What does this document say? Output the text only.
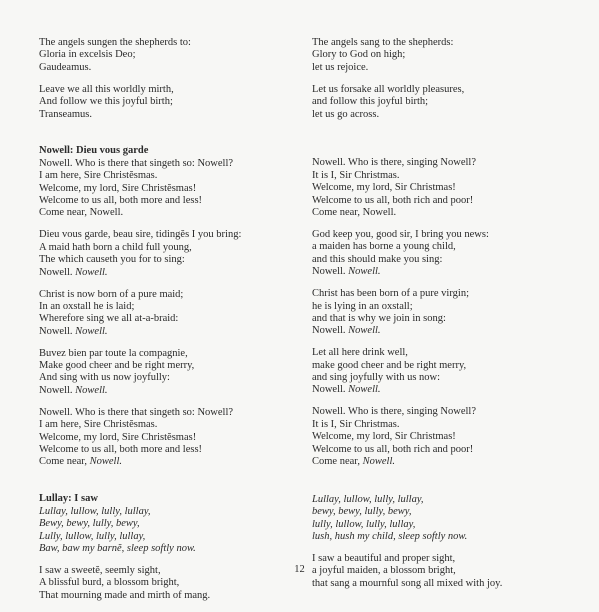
The angels sungen the shepherds to:
Gloria in excelsis Deo;
Gaudeamus.
Leave we all this worldly mirth,
And follow we this joyful birth;
Transeamus.
Nowell: Dieu vous garde
Nowell. Who is there that singeth so: Nowell?
I am here, Sire Christĕsmas.
Welcome, my lord, Sire Christĕsmas!
Welcome to us all, both more and less!
Come near, Nowell.
Dieu vous garde, beau sire, tidingĕs I you bring:
A maid hath born a child full young,
The which causeth you for to sing:
Nowell. Nowell.
Christ is now born of a pure maid;
In an oxstall he is laid;
Wherefore sing we all at-a-braid:
Nowell. Nowell.
Buvez bien par toute la compagnie,
Make good cheer and be right merry,
And sing with us now joyfully:
Nowell. Nowell.
Nowell. Who is there that singeth so: Nowell?
I am here, Sire Christĕsmas.
Welcome, my lord, Sire Christĕsmas!
Welcome to us all, both more and less!
Come near, Nowell.
Lullay: I saw
Lullay, lullow, lully, lullay,
Bewy, bewy, lully, bewy,
Lully, lullow, lully, lullay,
Baw, baw my barnĕ, sleep softly now.
I saw a sweetĕ, seemly sight,
A blissful burd, a blossom bright,
That mourning made and mirth of mang.
The angels sang to the shepherds:
Glory to God on high;
let us rejoice.
Let us forsake all worldly pleasures,
and follow this joyful birth;
let us go across.
Nowell. Who is there, singing Nowell?
It is I, Sir Christmas.
Welcome, my lord, Sir Christmas!
Welcome to us all, both rich and poor!
Come near, Nowell.
God keep you, good sir, I bring you news:
a maiden has borne a young child,
and this should make you sing:
Nowell. Nowell.
Christ has been born of a pure virgin;
he is lying in an oxstall;
and that is why we join in song:
Nowell. Nowell.
Let all here drink well,
make good cheer and be right merry,
and sing joyfully with us now:
Nowell. Nowell.
Nowell. Who is there, singing Nowell?
It is I, Sir Christmas.
Welcome, my lord, Sir Christmas!
Welcome to us all, both rich and poor!
Come near, Nowell.
Lullay, lullow, lully, lullay,
bewy, bewy, lully, bewy,
lully, lullow, lully, lullay,
lush, hush my child, sleep softly now.
I saw a beautiful and proper sight,
a joyful maiden, a blossom bright,
that sang a mournful song all mixed with joy.
12
